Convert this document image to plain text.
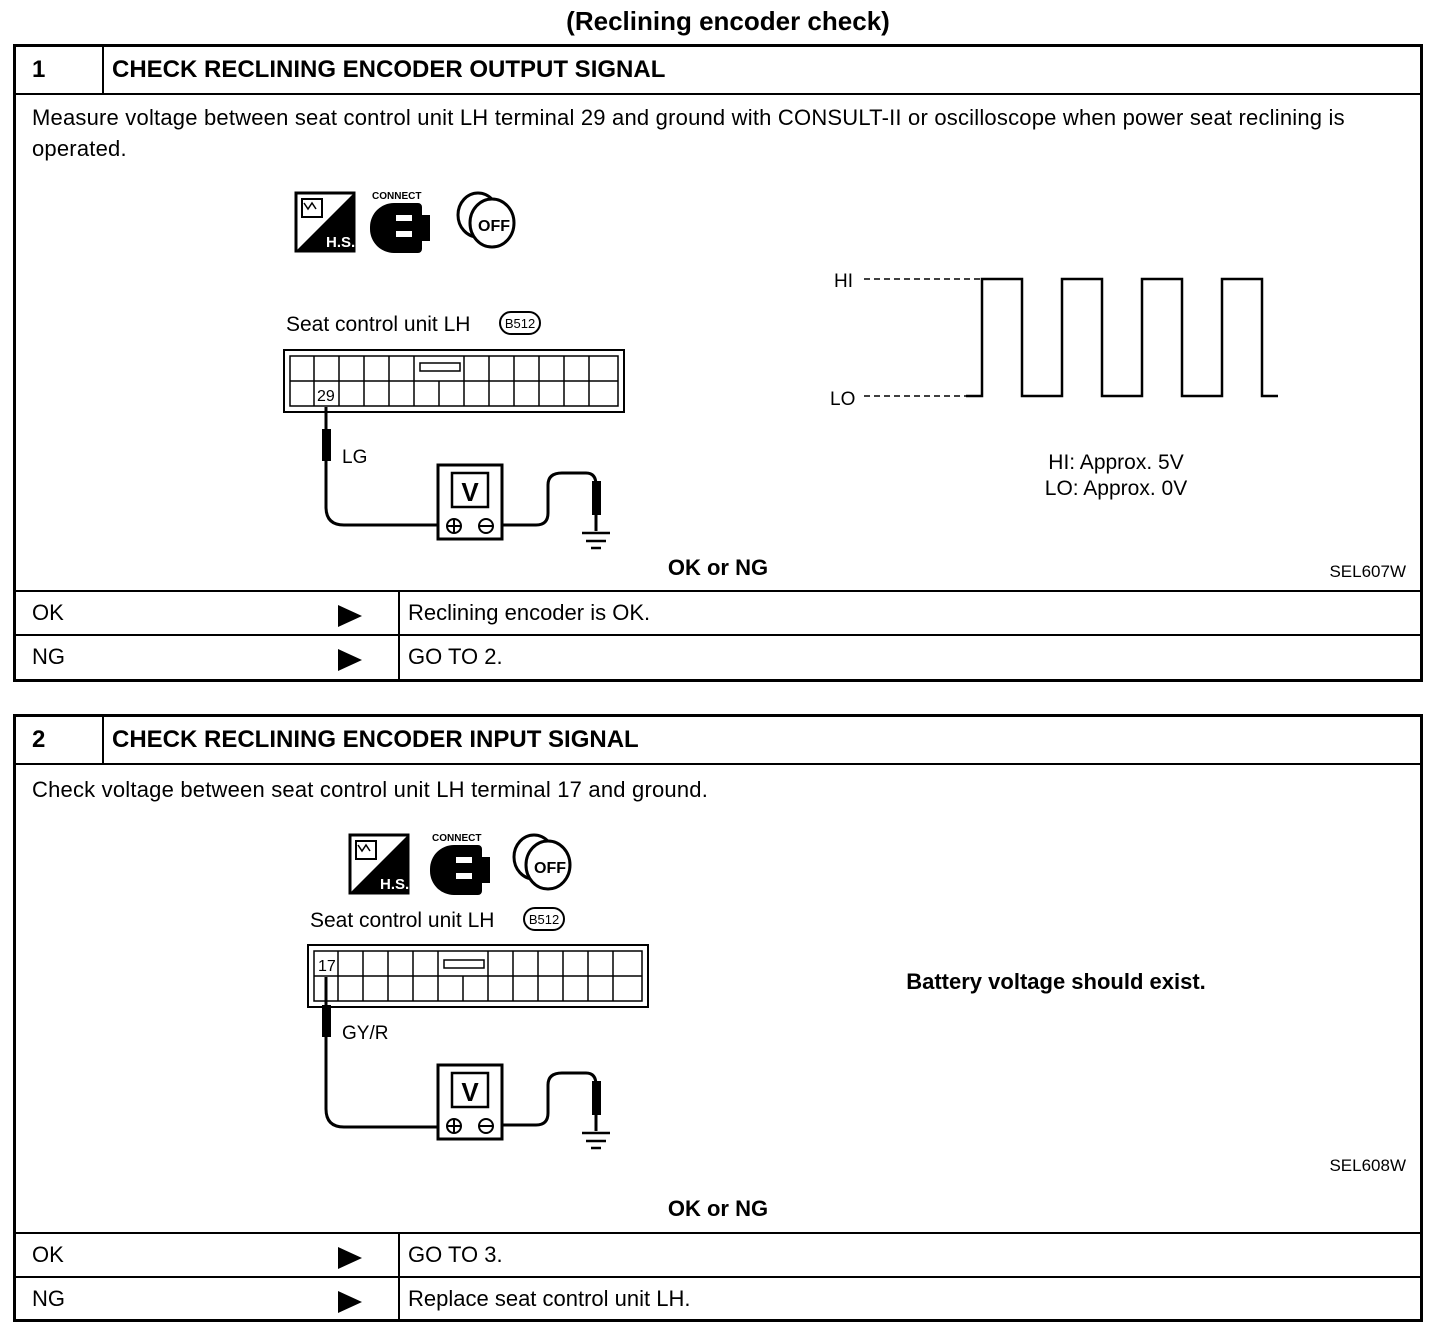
(Reclining encoder check)
1	CHECK RECLINING ENCODER OUTPUT SIGNAL
Measure voltage between seat control unit LH terminal 29 and ground with CONSULT-II or oscilloscope when power seat reclining is operated.
H.S.
CONNECT
OFF
Seat control unit LH	B512
29
LG
V
HI
LO
HI: Approx. 5V
LO: Approx. 0V
SEL607W
OK or NG
OK	Reclining encoder is OK.
NG	GO TO 2.
2	CHECK RECLINING ENCODER INPUT SIGNAL
Check voltage between seat control unit LH terminal 17 and ground.
H.S.
CONNECT
OFF
Seat control unit LH	B512
17
GY/R
V
Battery voltage should exist.
SEL608W
OK or NG
OK	GO TO 3.
NG	Replace seat control unit LH.
